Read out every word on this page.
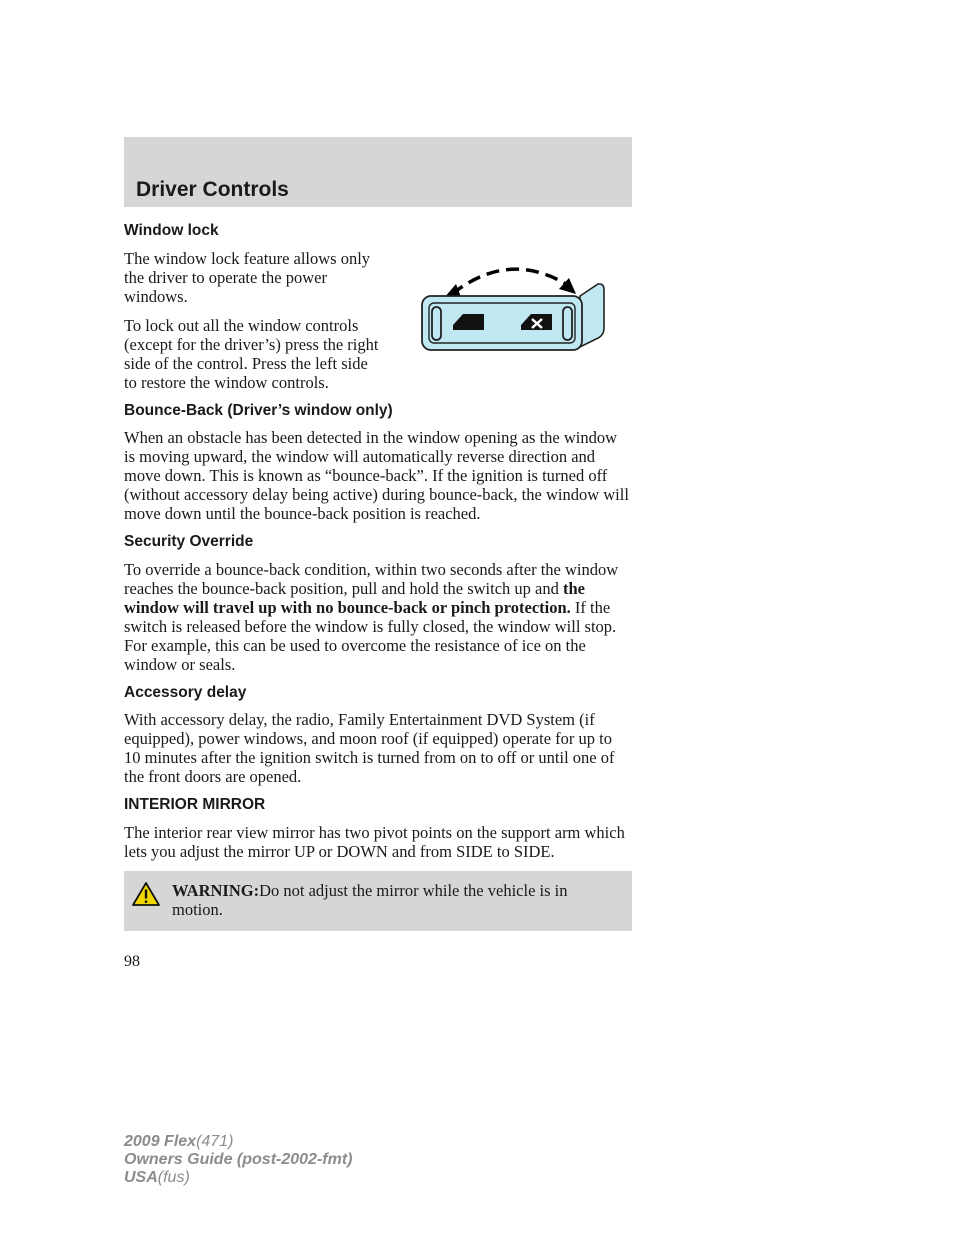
Driver Controls
Window lock

The window lock feature allows only the driver to operate the power windows.

To lock out all the window controls (except for the driver’s) press the right side of the control. Press the left side to restore the window controls.

Bounce-Back (Driver’s window only)

When an obstacle has been detected in the window opening as the window is moving upward, the window will automatically reverse direction and move down. This is known as “bounce-back”. If the ignition is turned off (without accessory delay being active) during bounce-back, the window will move down until the bounce-back position is reached.

Security Override

To override a bounce-back condition, within two seconds after the window reaches the bounce-back position, pull and hold the switch up and the window will travel up with no bounce-back or pinch protection. If the switch is released before the window is fully closed, the window will stop. For example, this can be used to overcome the resistance of ice on the window or seals.

Accessory delay

With accessory delay, the radio, Family Entertainment DVD System (if equipped), power windows, and moon roof (if equipped) operate for up to 10 minutes after the ignition switch is turned from on to off or until one of the front doors are opened.

INTERIOR MIRROR

The interior rear view mirror has two pivot points on the support arm which lets you adjust the mirror UP or DOWN and from SIDE to SIDE.

WARNING:Do not adjust the mirror while the vehicle is in motion.

98

2009 Flex(471)
Owners Guide (post-2002-fmt)
USA(fus)
